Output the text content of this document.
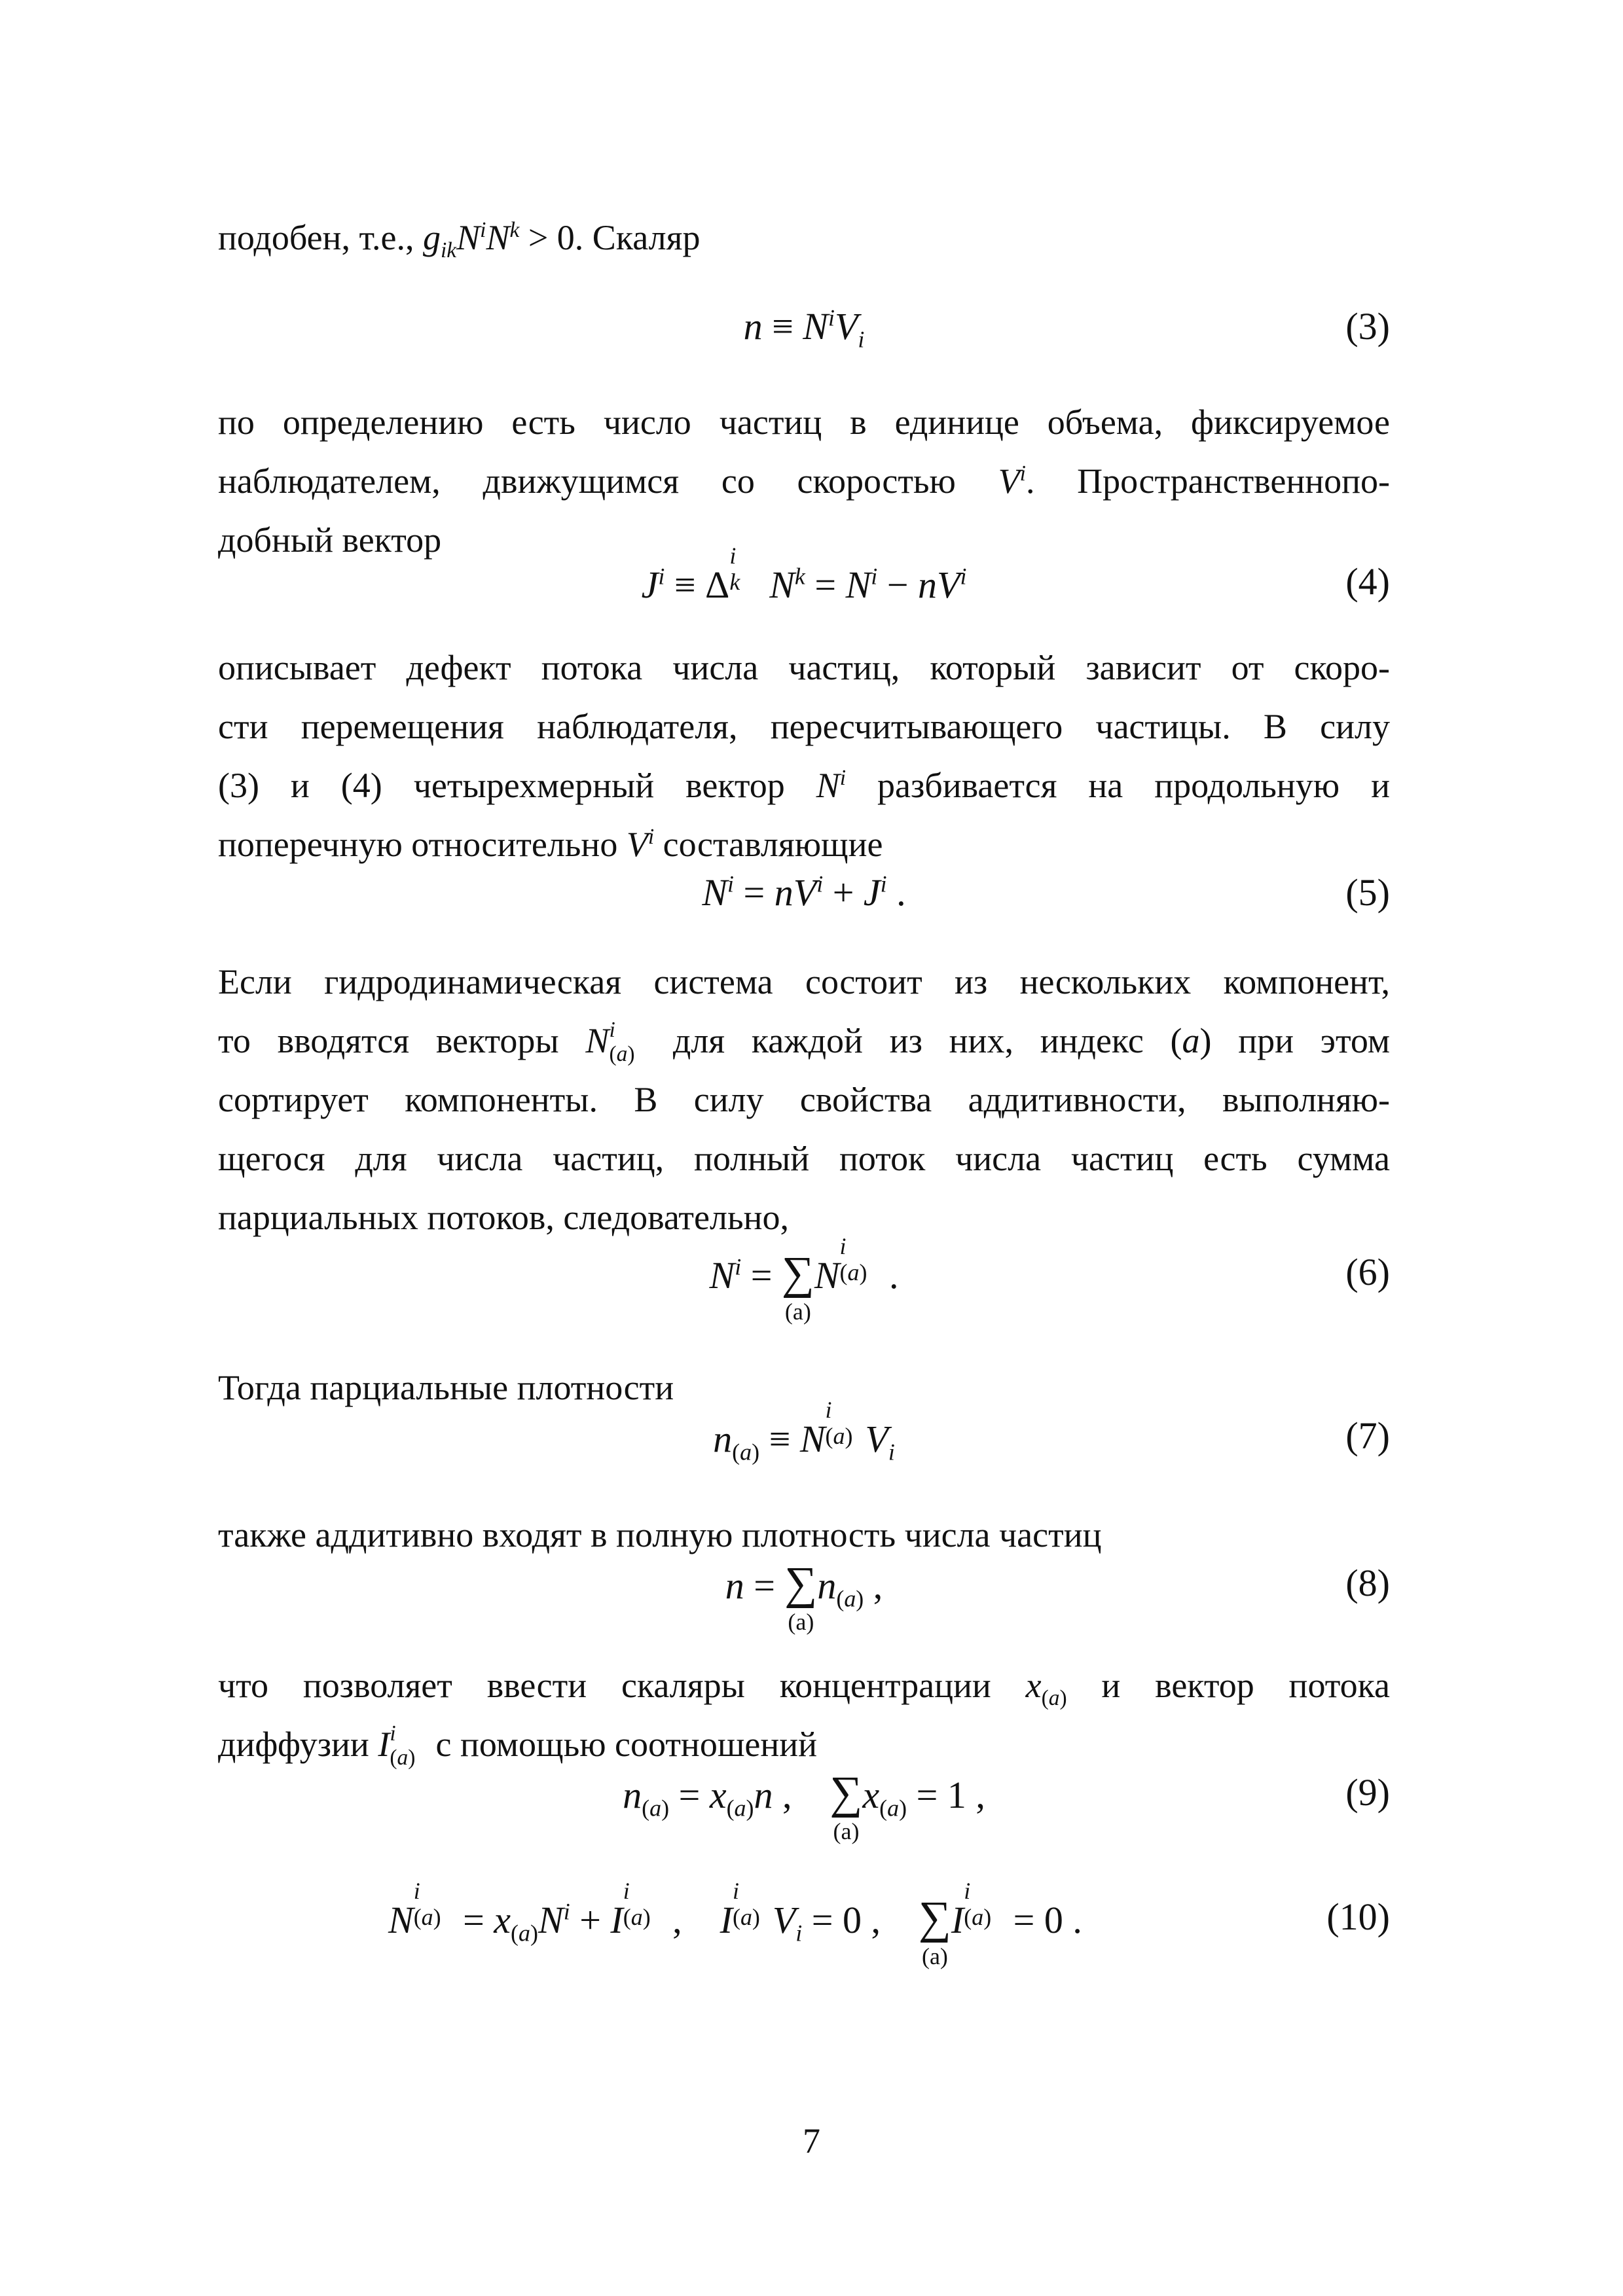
подобен, т.е., $g_{ik}N^iN^k > 0$. Скаляр

$n \equiv N^iV_i$	(3)

по определению есть число частиц в единице объема, фиксируемое
наблюдателем, движущимся со скоростью $V^i$. Пространственнопо-
добный вектор

$J^i \equiv \Delta$
i
k $N^k = N^i - nV^i$	(4)

описывает дефект потока числа частиц, который зависит от скоро-
сти перемещения наблюдателя, пересчитывающего частицы. В силу
(3) и (4) четырехмерный вектор $N^i$ разбивается на продольную и
поперечную относительно $V^i$ составляющие

$N^i = nV^i + J^i$ .	(5)

Если гидродинамическая система состоит из нескольких компонент,
то вводятся векторы N i
(a) для каждой из них, индекс (a) при этом
сортирует компоненты. В силу свойства аддитивности, выполняю-
щегося для числа частиц, полный поток числа частиц есть сумма
парциальных потоков, следовательно,

$N^i$ = ∑
(a)
N
i
(a) .	(6)

Тогда парциальные плотности

$n_{(a)} \equiv N$
i
(a) $V_i$	(7)

также аддитивно входят в полную плотность числа частиц

n = ∑
(a)
$n_{(a)}$ ,	(8)

что позволяет ввести скаляры концентрации $x_{(a)}$ и вектор потока
диффузии I i
(a) с помощью соотношений

$n_{(a)} = x_{(a)}n$ ,    ∑
(a)
$x_{(a)} = 1$ ,	(9)
N
i
$(a) = x_{(a)}N^i + I$
i
(a) ,    I
i
(a) $V_i = 0$ ,    ∑
(a)
I
i
(a) = 0 .	(10)
7
